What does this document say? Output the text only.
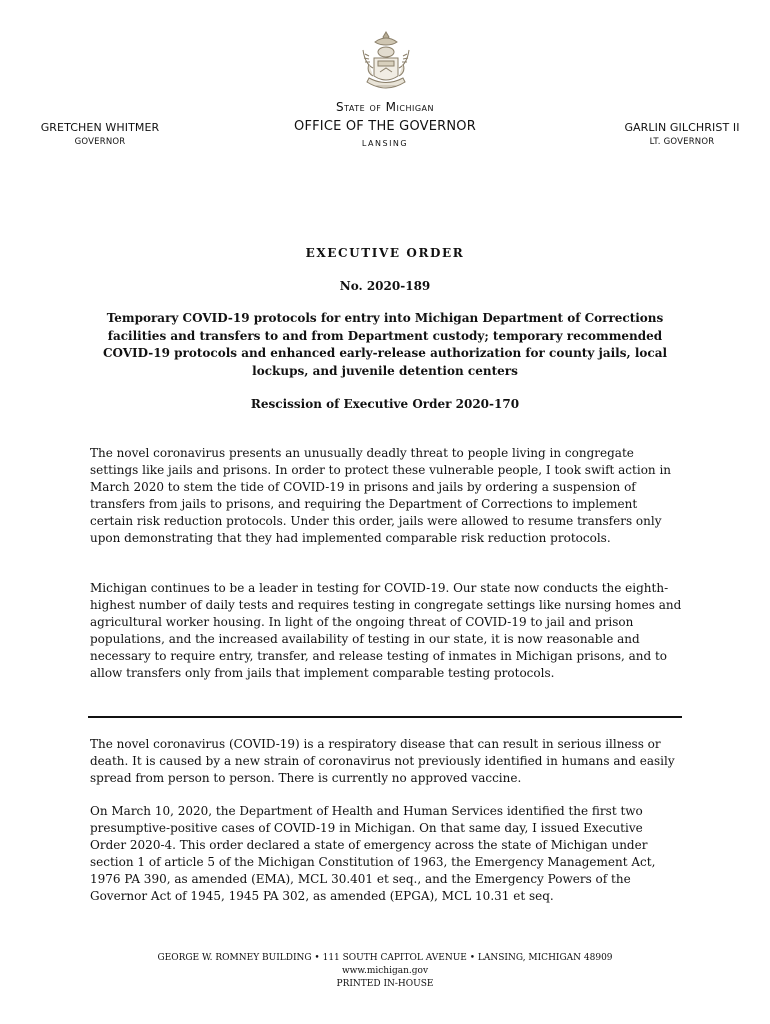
State of Michigan
OFFICE OF THE GOVERNOR
LANSING
GRETCHEN WHITMER
GOVERNOR
GARLIN GILCHRIST II
LT. GOVERNOR
EXECUTIVE ORDER
No. 2020-189
Temporary COVID-19 protocols for entry into Michigan Department of Corrections facilities and transfers to and from Department custody; temporary recommended COVID-19 protocols and enhanced early-release authorization for county jails, local lockups, and juvenile detention centers
Rescission of Executive Order 2020-170

The novel coronavirus presents an unusually deadly threat to people living in congregate settings like jails and prisons. In order to protect these vulnerable people, I took swift action in March 2020 to stem the tide of COVID-19 in prisons and jails by ordering a suspension of transfers from jails to prisons, and requiring the Department of Corrections to implement certain risk reduction protocols. Under this order, jails were allowed to resume transfers only upon demonstrating that they had implemented comparable risk reduction protocols.

Michigan continues to be a leader in testing for COVID-19. Our state now conducts the eighth-highest number of daily tests and requires testing in congregate settings like nursing homes and agricultural worker housing. In light of the ongoing threat of COVID-19 to jail and prison populations, and the increased availability of testing in our state, it is now reasonable and necessary to require entry, transfer, and release testing of inmates in Michigan prisons, and to allow transfers only from jails that implement comparable testing protocols.

The novel coronavirus (COVID-19) is a respiratory disease that can result in serious illness or death. It is caused by a new strain of coronavirus not previously identified in humans and easily spread from person to person. There is currently no approved vaccine.

On March 10, 2020, the Department of Health and Human Services identified the first two presumptive-positive cases of COVID-19 in Michigan. On that same day, I issued Executive Order 2020-4. This order declared a state of emergency across the state of Michigan under section 1 of article 5 of the Michigan Constitution of 1963, the Emergency Management Act, 1976 PA 390, as amended (EMA), MCL 30.401 et seq., and the Emergency Powers of the Governor Act of 1945, 1945 PA 302, as amended (EPGA), MCL 10.31 et seq.

GEORGE W. ROMNEY BUILDING • 111 SOUTH CAPITOL AVENUE • LANSING, MICHIGAN 48909
www.michigan.gov
PRINTED IN-HOUSE
